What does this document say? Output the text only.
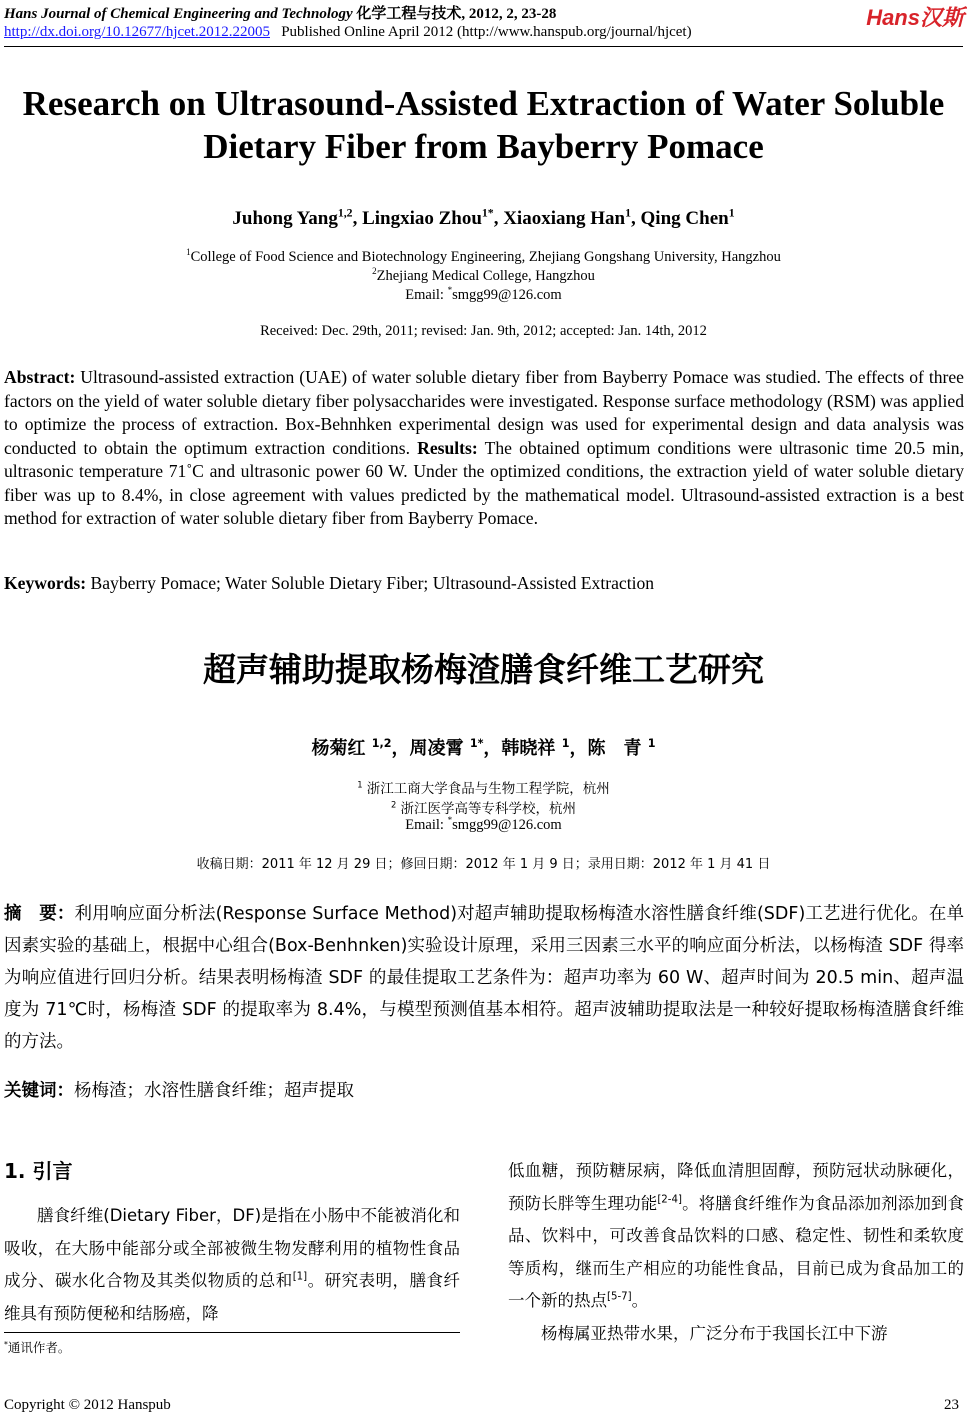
Hans Journal of Chemical Engineering and Technology 化学工程与技术, 2012, 2, 23-28
http://dx.doi.org/10.12677/hjcet.2012.22005 Published Online April 2012 (http://www.hanspub.org/journal/hjcet)
Hans汉斯
Research on Ultrasound-Assisted Extraction of Water Soluble
Dietary Fiber from Bayberry Pomace
Juhong Yang$^{1,2}$, Lingxiao Zhou$^{1*}$, Xiaoxiang Han$^1$, Qing Chen$^1$
$^1$College of Food Science and Biotechnology Engineering, Zhejiang Gongshang University, Hangzhou
$^2$Zhejiang Medical College, Hangzhou
Email: *smgg99@126.com
Received: Dec. 29th, 2011; revised: Jan. 9th, 2012; accepted: Jan. 14th, 2012
Abstract: Ultrasound-assisted extraction (UAE) of water soluble dietary fiber from Bayberry Pomace was studied. The effects of three factors on the yield of water soluble dietary fiber polysaccharides were investigated. Response surface methodology (RSM) was applied to optimize the process of extraction. Box-Behnhken experimental design was used for experimental design and data analysis was conducted to obtain the optimum extraction conditions. Results: The obtained optimum conditions were ultrasonic time 20.5 min, ultrasonic temperature 71˚C and ultrasonic power 60 W. Under the optimized conditions, the extraction yield of water soluble dietary fiber was up to 8.4%, in close agreement with values predicted by the mathematical model. Ultrasound-assisted extraction is a best method for extraction of water soluble dietary fiber from Bayberry Pomace.
Keywords: Bayberry Pomace; Water Soluble Dietary Fiber; Ultrasound-Assisted Extraction
超声辅助提取杨梅渣膳食纤维工艺研究
杨菊红 $^{1,2}$，周凌霄 $^{1*}$，韩晓祥 $^1$，陈　青 $^1$
$^1$ 浙江工商大学食品与生物工程学院，杭州
$^2$ 浙江医学高等专科学校，杭州
Email: *smgg99@126.com
收稿日期：2011 年 12 月 29 日；修回日期：2012 年 1 月 9 日；录用日期：2012 年 1 月 41 日
摘　要：利用响应面分析法(Response Surface Method)对超声辅助提取杨梅渣水溶性膳食纤维(SDF)工艺进行优化。在单因素实验的基础上，根据中心组合(Box-Benhnken)实验设计原理，采用三因素三水平的响应面分析法，以杨梅渣 SDF 得率为响应值进行回归分析。结果表明杨梅渣 SDF 的最佳提取工艺条件为：超声功率为 60 W、超声时间为 20.5 min、超声温度为 71℃时，杨梅渣 SDF 的提取率为 8.4%，与模型预测值基本相符。超声波辅助提取法是一种较好提取杨梅渣膳食纤维的方法。
关键词：杨梅渣；水溶性膳食纤维；超声提取
1. 引言

膳食纤维(Dietary Fiber，DF)是指在小肠中不能被消化和吸收，在大肠中能部分或全部被微生物发酵利用的植物性食品成分、碳水化合物及其类似物质的总和[1]。研究表明，膳食纤维具有预防便秘和结肠癌，降

低血糖，预防糖尿病，降低血清胆固醇，预防冠状动脉硬化，预防长胖等生理功能[2-4]。将膳食纤维作为食品添加剂添加到食品、饮料中，可改善食品饮料的口感、稳定性、韧性和柔软度等质构，继而生产相应的功能性食品，目前已成为食品加工的一个新的热点[5-7]。

杨梅属亚热带水果，广泛分布于我国长江中下游

*通讯作者。
Copyright © 2012 Hanspub	23
